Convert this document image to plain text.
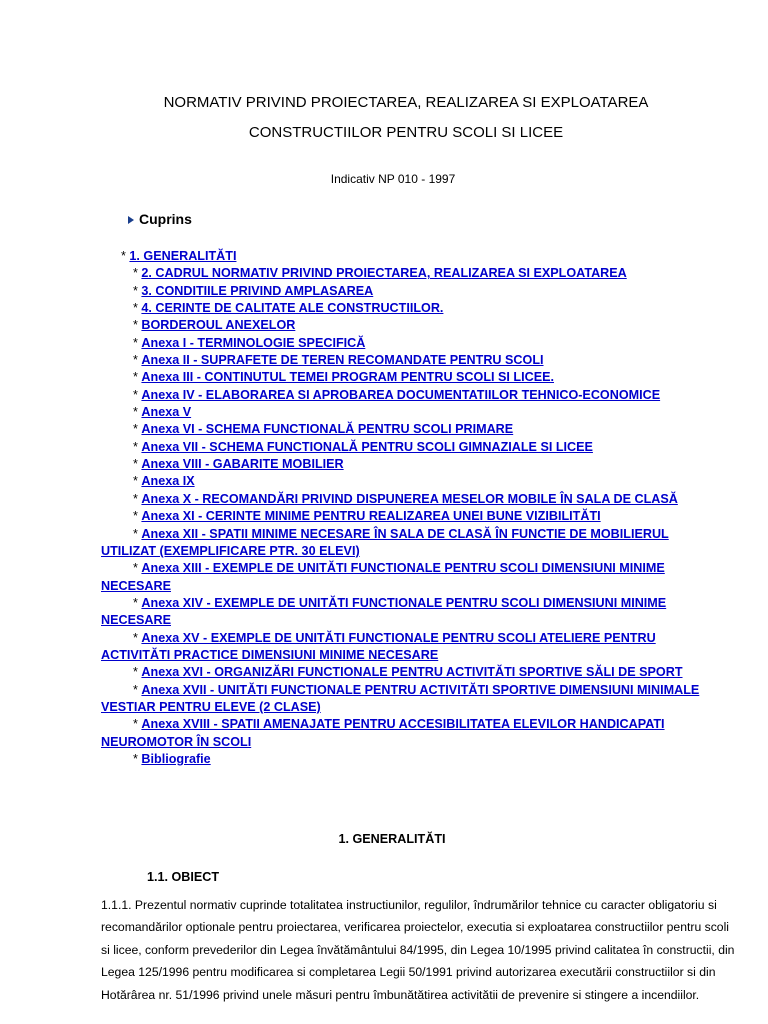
NORMATIV PRIVIND PROIECTAREA, REALIZAREA SI EXPLOATAREA
CONSTRUCTIILOR PENTRU SCOLI SI LICEE
Indicativ NP 010 - 1997
Cuprins
* 1. GENERALITĂTI
* 2. CADRUL NORMATIV PRIVIND PROIECTAREA, REALIZAREA SI EXPLOATAREA
* 3. CONDITIILE PRIVIND AMPLASAREA
* 4. CERINTE DE CALITATE ALE CONSTRUCTIILOR.
* BORDEROUL ANEXELOR
* Anexa I - TERMINOLOGIE SPECIFICĂ
* Anexa II - SUPRAFETE DE TEREN RECOMANDATE PENTRU SCOLI
* Anexa III - CONTINUTUL TEMEI PROGRAM PENTRU SCOLI SI LICEE.
* Anexa IV - ELABORAREA SI APROBAREA DOCUMENTATIILOR TEHNICO-ECONOMICE
* Anexa V
* Anexa VI - SCHEMA FUNCTIONALĂ PENTRU SCOLI PRIMARE
* Anexa VII - SCHEMA FUNCTIONALĂ PENTRU SCOLI GIMNAZIALE SI LICEE
* Anexa VIII - GABARITE MOBILIER
* Anexa IX
* Anexa X - RECOMANDĂRI PRIVIND DISPUNEREA MESELOR MOBILE ÎN SALA DE CLASĂ
* Anexa XI - CERINTE MINIME PENTRU REALIZAREA UNEI BUNE VIZIBILITĂTI
* Anexa XII - SPATII MINIME NECESARE ÎN SALA DE CLASĂ ÎN FUNCTIE DE MOBILIERUL UTILIZAT (EXEMPLIFICARE PTR. 30 ELEVI)
* Anexa XIII - EXEMPLE DE UNITĂTI FUNCTIONALE PENTRU SCOLI DIMENSIUNI MINIME NECESARE
* Anexa XIV - EXEMPLE DE UNITĂTI FUNCTIONALE PENTRU SCOLI DIMENSIUNI MINIME NECESARE
* Anexa XV - EXEMPLE DE UNITĂTI FUNCTIONALE PENTRU SCOLI ATELIERE PENTRU ACTIVITĂTI PRACTICE DIMENSIUNI MINIME NECESARE
* Anexa XVI - ORGANIZĂRI FUNCTIONALE PENTRU ACTIVITĂTI SPORTIVE SĂLI DE SPORT
* Anexa XVII - UNITĂTI FUNCTIONALE PENTRU ACTIVITĂTI SPORTIVE DIMENSIUNI MINIMALE VESTIAR PENTRU ELEVE (2 CLASE)
* Anexa XVIII - SPATII AMENAJATE PENTRU ACCESIBILITATEA ELEVILOR HANDICAPATI NEUROMOTOR ÎN SCOLI
* Bibliografie
1. GENERALITĂTI
1.1. OBIECT
1.1.1. Prezentul normativ cuprinde totalitatea instructiunilor, regulilor, îndrumărilor tehnice cu caracter obligatoriu si recomandărilor optionale pentru proiectarea, verificarea proiectelor, executia si exploatarea constructiilor pentru scoli si licee, conform prevederilor din Legea învătământului 84/1995, din Legea 10/1995 privind calitatea în constructii, din Legea 125/1996 pentru modificarea si completarea Legii 50/1991 privind autorizarea executării constructiilor si din Hotărârea nr. 51/1996 privind unele măsuri pentru îmbunătătirea activitătii de prevenire si stingere a incendiilor.
